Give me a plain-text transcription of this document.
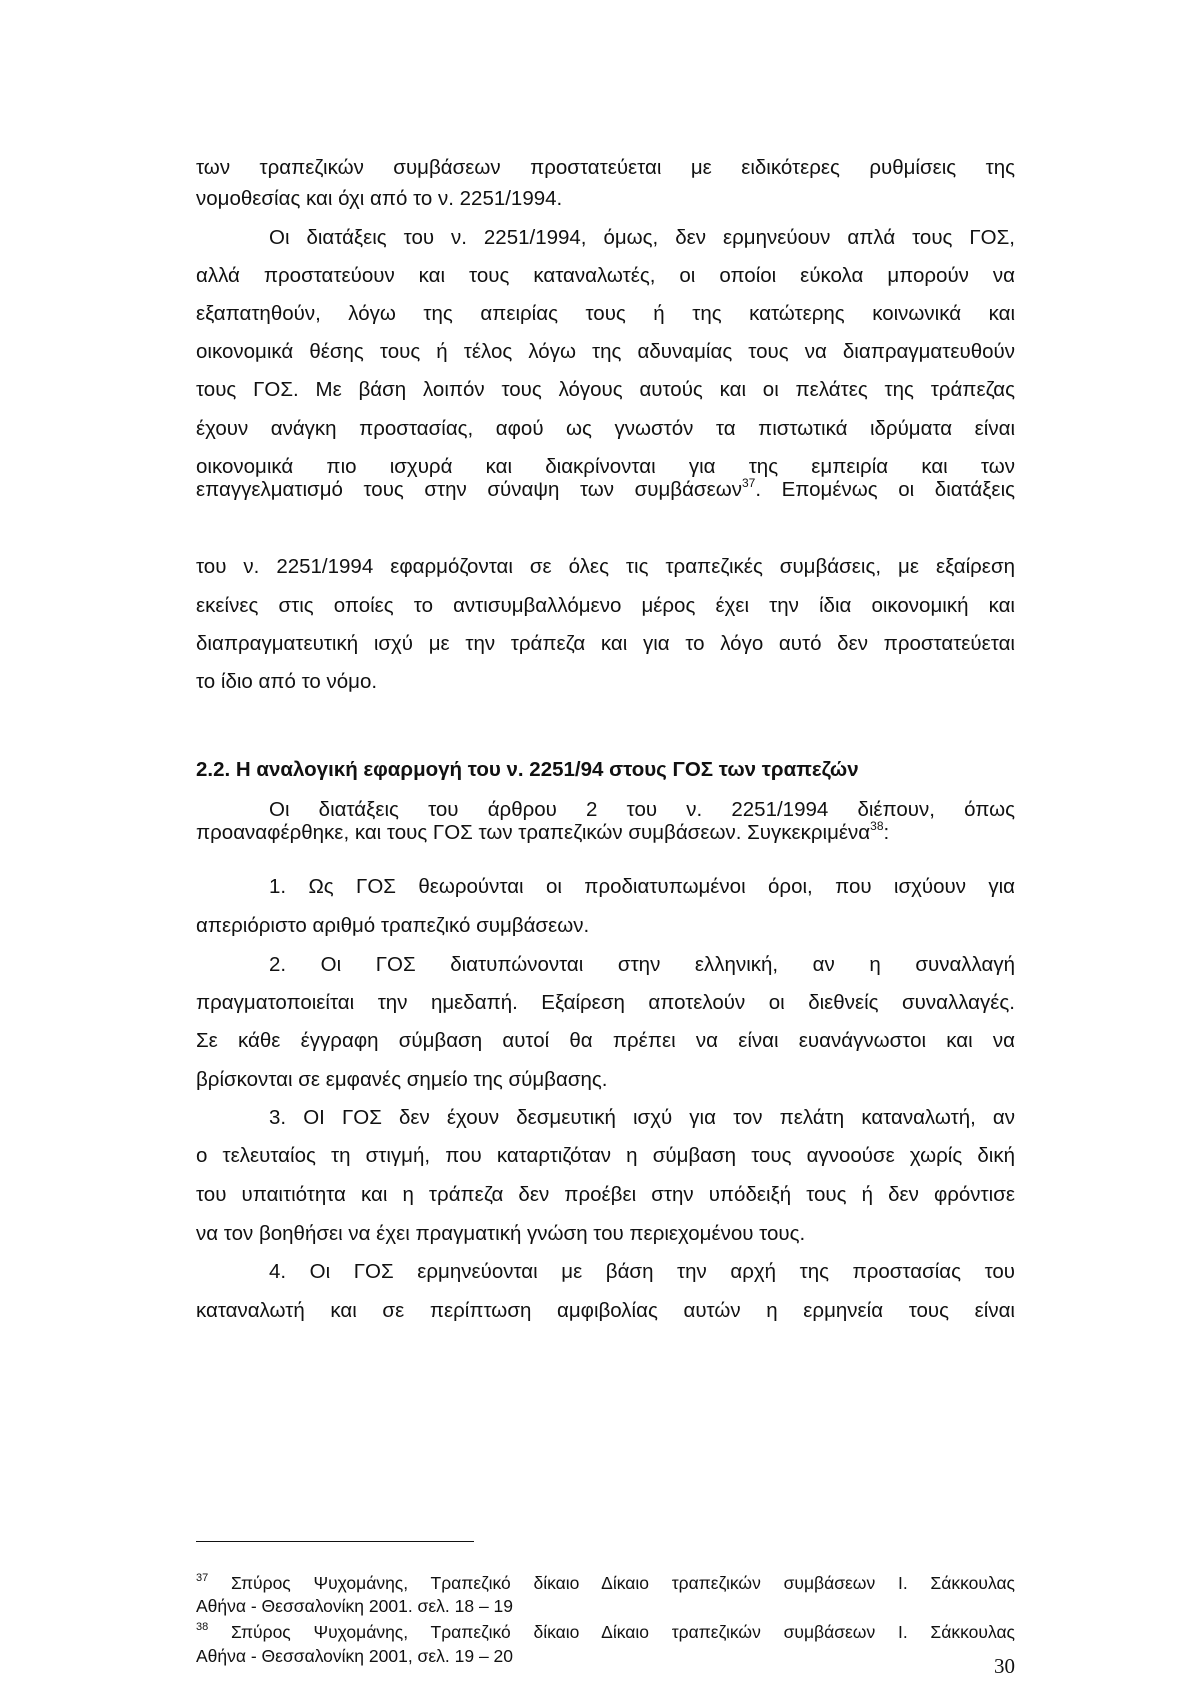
των τραπεζικών συμβάσεων προστατεύεται με ειδικότερες ρυθμίσεις της
νομοθεσίας και όχι από το ν. 2251/1994.
Οι διατάξεις του ν. 2251/1994, όμως, δεν ερμηνεύουν απλά τους ΓΟΣ,
αλλά προστατεύουν και τους καταναλωτές, οι οποίοι εύκολα μπορούν να
εξαπατηθούν, λόγω της απειρίας τους ή της κατώτερης κοινωνικά και
οικονομικά θέσης τους ή τέλος λόγω της αδυναμίας τους να διαπραγματευθούν
τους ΓΟΣ. Με βάση λοιπόν τους λόγους αυτούς και οι πελάτες της τράπεζας
έχουν ανάγκη προστασίας, αφού ως γνωστόν τα πιστωτικά ιδρύματα είναι
οικονομικά πιο ισχυρά και διακρίνονται για της εμπειρία και των
επαγγελματισμό τους στην σύναψη των συμβάσεων$^{37}$. Επομένως οι διατάξεις
του ν. 2251/1994 εφαρμόζονται σε όλες τις τραπεζικές συμβάσεις, με εξαίρεση
εκείνες στις οποίες το αντισυμβαλλόμενο μέρος έχει την ίδια οικονομική και
διαπραγματευτική ισχύ με την τράπεζα και για το λόγο αυτό δεν προστατεύεται
το ίδιο από το νόμο.
2.2. Η αναλογική εφαρμογή του ν. 2251/94 στους ΓΟΣ των τραπεζών
Οι διατάξεις του άρθρου 2 του ν. 2251/1994 διέπουν, όπως
προαναφέρθηκε, και τους ΓΟΣ των τραπεζικών συμβάσεων. Συγκεκριμένα$^{38}$:
1. Ως ΓΟΣ θεωρούνται οι προδιατυπωμένοι όροι, που ισχύουν για
απεριόριστο αριθμό τραπεζικό συμβάσεων.
2. Οι ΓΟΣ διατυπώνονται στην ελληνική, αν η συναλλαγή
πραγματοποιείται την ημεδαπή. Εξαίρεση αποτελούν οι διεθνείς συναλλαγές.
Σε κάθε έγγραφη σύμβαση αυτοί θα πρέπει να είναι ευανάγνωστοι και να
βρίσκονται σε εμφανές σημείο της σύμβασης.
3. ΟΙ ΓΟΣ δεν έχουν δεσμευτική ισχύ για τον πελάτη καταναλωτή, αν
ο τελευταίος τη στιγμή, που καταρτιζόταν η σύμβαση τους αγνοούσε χωρίς δική
του υπαιτιότητα και η τράπεζα δεν προέβει στην υπόδειξή τους ή δεν φρόντισε
να τον βοηθήσει να έχει πραγματική γνώση του περιεχομένου τους.
4. Οι ΓΟΣ ερμηνεύονται με βάση την αρχή της προστασίας του
καταναλωτή και σε περίπτωση αμφιβολίας αυτών η ερμηνεία τους είναι
$^{37}$ Σπύρος Ψυχομάνης, Τραπεζικό δίκαιο Δίκαιο τραπεζικών συμβάσεων Ι. Σάκκουλας
Αθήνα - Θεσσαλονίκη 2001. σελ. 18 – 19
$^{38}$ Σπύρος Ψυχομάνης, Τραπεζικό δίκαιο Δίκαιο τραπεζικών συμβάσεων Ι. Σάκκουλας
Αθήνα - Θεσσαλονίκη 2001, σελ. 19 – 20	30
